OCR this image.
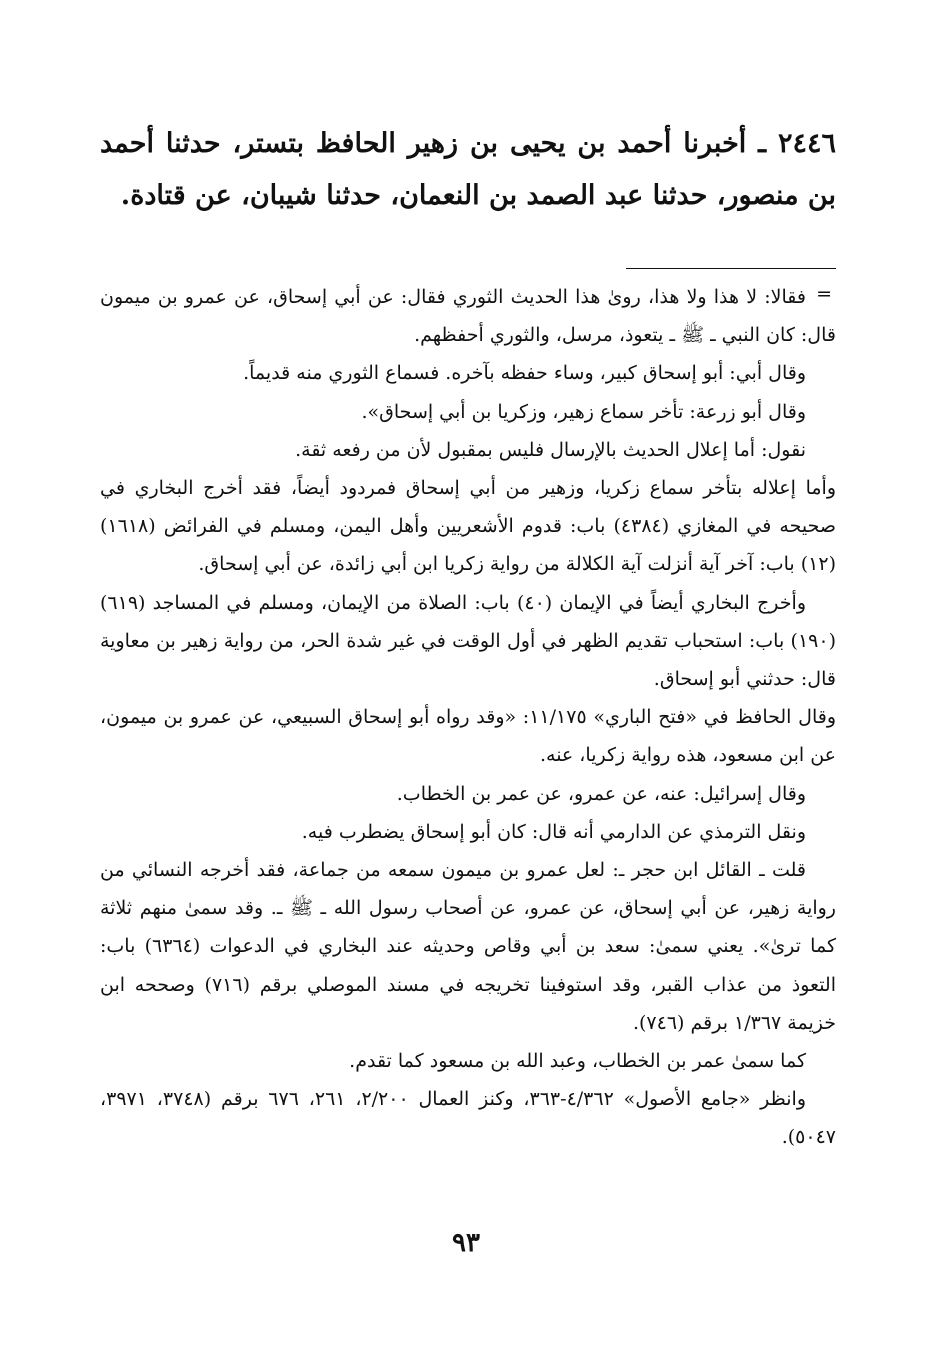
٢٤٤٦ ـ أخبرنا أحمد بن يحيى بن زهير الحافظ بتستر، حدثنا أحمد بن منصور، حدثنا عبد الصمد بن النعمان، حدثنا شيبان، عن قتادة.

=

فقالا: لا هذا ولا هذا، روىٰ هذا الحديث الثوري فقال: عن أبي إسحاق، عن عمرو بن ميمون قال: كان النبي ـ ﷺ ـ يتعوذ، مرسل، والثوري أحفظهم.

وقال أبي: أبو إسحاق كبير، وساء حفظه بآخره. فسماع الثوري منه قديماً.

وقال أبو زرعة: تأخر سماع زهير، وزكريا بن أبي إسحاق».

نقول: أما إعلال الحديث بالإرسال فليس بمقبول لأن من رفعه ثقة.

وأما إعلاله بتأخر سماع زكريا، وزهير من أبي إسحاق فمردود أيضاً، فقد أخرج البخاري في صحيحه في المغازي (٤٣٨٤) باب: قدوم الأشعريين وأهل اليمن، ومسلم في الفرائض (١٦١٨) (١٢) باب: آخر آية أنزلت آية الكلالة من رواية زكريا ابن أبي زائدة، عن أبي إسحاق.

وأخرج البخاري أيضاً في الإيمان (٤٠) باب: الصلاة من الإيمان، ومسلم في المساجد (٦١٩) (١٩٠) باب: استحباب تقديم الظهر في أول الوقت في غير شدة الحر، من رواية زهير بن معاوية قال: حدثني أبو إسحاق.

وقال الحافظ في «فتح الباري» ١١/١٧٥: «وقد رواه أبو إسحاق السبيعي، عن عمرو بن ميمون، عن ابن مسعود، هذه رواية زكريا، عنه.

وقال إسرائيل: عنه، عن عمرو، عن عمر بن الخطاب.

ونقل الترمذي عن الدارمي أنه قال: كان أبو إسحاق يضطرب فيه.

قلت ـ القائل ابن حجر ـ: لعل عمرو بن ميمون سمعه من جماعة، فقد أخرجه النسائي من رواية زهير، عن أبي إسحاق، عن عمرو، عن أصحاب رسول الله ـ ﷺ ـ. وقد سمىٰ منهم ثلاثة كما ترىٰ». يعني سمىٰ: سعد بن أبي وقاص وحديثه عند البخاري في الدعوات (٦٣٦٤) باب: التعوذ من عذاب القبر، وقد استوفينا تخريجه في مسند الموصلي برقم (٧١٦) وصححه ابن خزيمة ١/٣٦٧ برقم (٧٤٦).

كما سمىٰ عمر بن الخطاب، وعبد الله بن مسعود كما تقدم.

وانظر «جامع الأصول» ٤/٣٦٢-٣٦٣، وكنز العمال ٢/٢٠٠، ٢٦١، ٦٧٦ برقم (٣٧٤٨، ٣٩٧١، ٥٠٤٧).

٩٣
